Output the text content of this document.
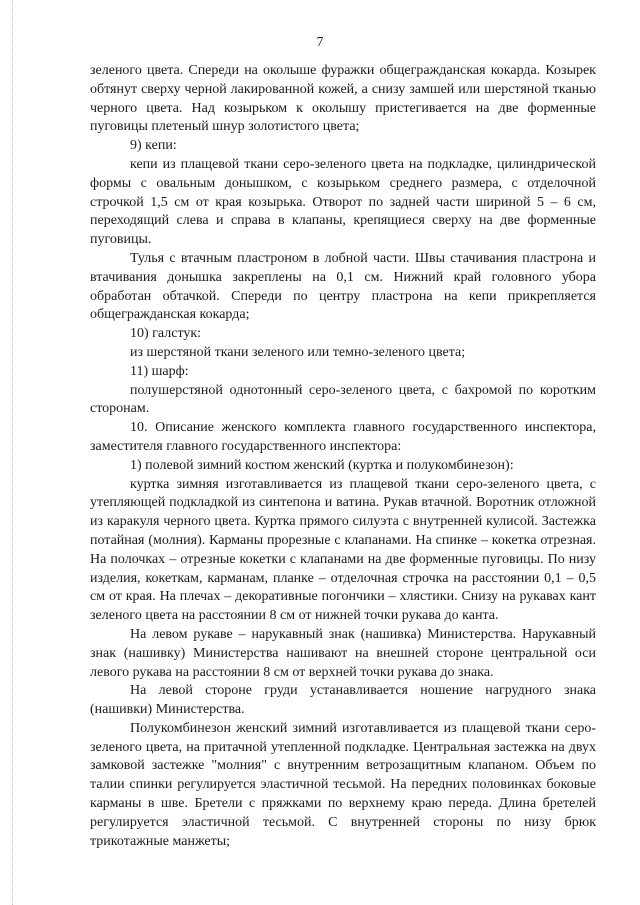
7

зеленого цвета. Спереди на околыше фуражки общегражданская кокарда. Козырек обтянут сверху черной лакированной кожей, а снизу замшей или шерстяной тканью черного цвета. Над козырьком к околышу пристегивается на две форменные пуговицы плетеный шнур золотистого цвета;

9) кепи:

кепи из плащевой ткани серо-зеленого цвета на подкладке, цилиндрической формы с овальным донышком, с козырьком среднего размера, с отделочной строчкой 1,5 см от края козырька. Отворот по задней части шириной 5 – 6 см, переходящий слева и справа в клапаны, крепящиеся сверху на две форменные пуговицы.

Тулья с втачным пластроном в лобной части. Швы стачивания пластрона и втачивания донышка закреплены на 0,1 см. Нижний край головного убора обработан обтачкой. Спереди по центру пластрона на кепи прикрепляется общегражданская кокарда;

10) галстук:

из шерстяной ткани зеленого или темно-зеленого цвета;

11) шарф:

полушерстяной однотонный серо-зеленого цвета, с бахромой по коротким сторонам.

10. Описание женского комплекта главного государственного инспектора, заместителя главного государственного инспектора:

1) полевой зимний костюм женский (куртка и полукомбинезон):

куртка зимняя изготавливается из плащевой ткани серо-зеленого цвета, с утепляющей подкладкой из синтепона и ватина. Рукав втачной. Воротник отложной из каракуля черного цвета. Куртка прямого силуэта с внутренней кулисой. Застежка потайная (молния). Карманы прорезные с клапанами. На спинке – кокетка отрезная. На полочках – отрезные кокетки с клапанами на две форменные пуговицы. По низу изделия, кокеткам, карманам, планке – отделочная строчка на расстоянии 0,1 – 0,5 см от края. На плечах – декоративные погончики – хлястики. Снизу на рукавах кант зеленого цвета на расстоянии 8 см от нижней точки рукава до канта.

На левом рукаве – нарукавный знак (нашивка) Министерства. Нарукавный знак (нашивку) Министерства нашивают на внешней стороне центральной оси левого рукава на расстоянии 8 см от верхней точки рукава до знака.

На левой стороне груди устанавливается ношение нагрудного знака (нашивки) Министерства.

Полукомбинезон женский зимний изготавливается из плащевой ткани серо-зеленого цвета, на притачной утепленной подкладке. Центральная застежка на двух замковой застежке "молния" с внутренним ветрозащитным клапаном. Объем по талии спинки регулируется эластичной тесьмой. На передних половинках боковые карманы в шве. Бретели с пряжками по верхнему краю переда. Длина бретелей регулируется эластичной тесьмой. С внутренней стороны по низу брюк трикотажные манжеты;
